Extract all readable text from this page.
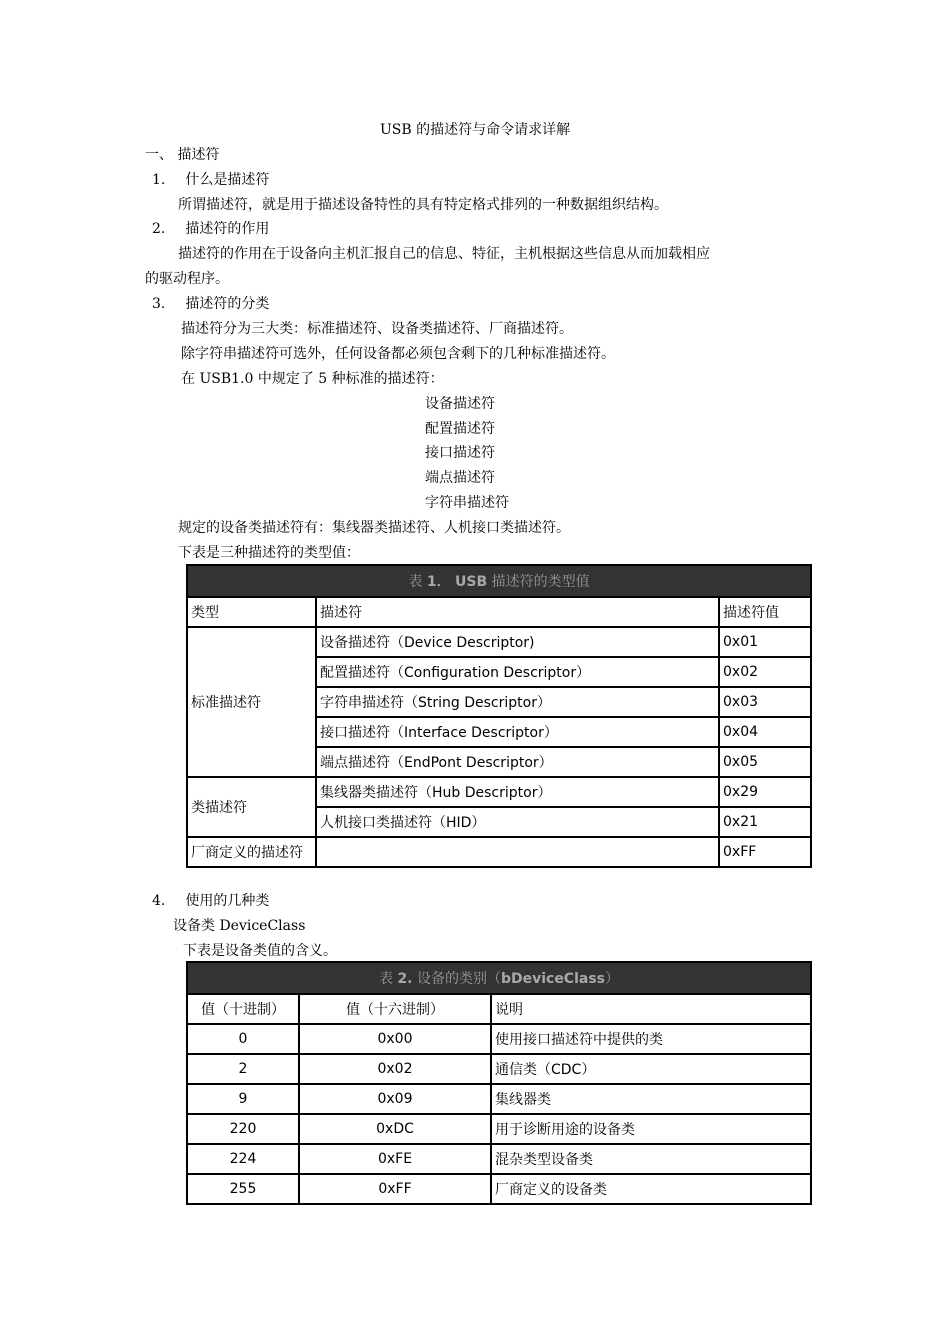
USB 的描述符与命令请求详解
一、 描述符
1. 什么是描述符
所谓描述符，就是用于描述设备特性的具有特定格式排列的一种数据组织结构。
2. 描述符的作用
描述符的作用在于设备向主机汇报自己的信息、特征，主机根据这些信息从而加载相应
的驱动程序。
3. 描述符的分类
描述符分为三大类：标准描述符、设备类描述符、厂商描述符。
除字符串描述符可选外，任何设备都必须包含剩下的几种标准描述符。
在 USB1.0 中规定了 5 种标准的描述符：
设备描述符
配置描述符
接口描述符
端点描述符
字符串描述符
规定的设备类描述符有：集线器类描述符、人机接口类描述符。
下表是三种描述符的类型值：
表 1． USB 描述符的类型值		
类型	描述符	描述符值
标准描述符	设备描述符（Device Descriptor)	0x01
	配置描述符（Configuration Descriptor）	0x02
	字符串描述符（String Descriptor）	0x03
	接口描述符（Interface Descriptor）	0x04
	端点描述符（EndPont Descriptor）	0x05
类描述符	集线器类描述符（Hub Descriptor）	0x29
	人机接口类描述符（HID）	0x21
厂商定义的描述符		0xFF
4. 使用的几种类
设备类 DeviceClass
下表是设备类值的含义。
表 2. 设备的类别（bDeviceClass）		
值（十进制）	值（十六进制）	说明
0	0x00	使用接口描述符中提供的类
2	0x02	通信类（CDC）
9	0x09	集线器类
220	0xDC	用于诊断用途的设备类
224	0xFE	混杂类型设备类
255	0xFF	厂商定义的设备类
